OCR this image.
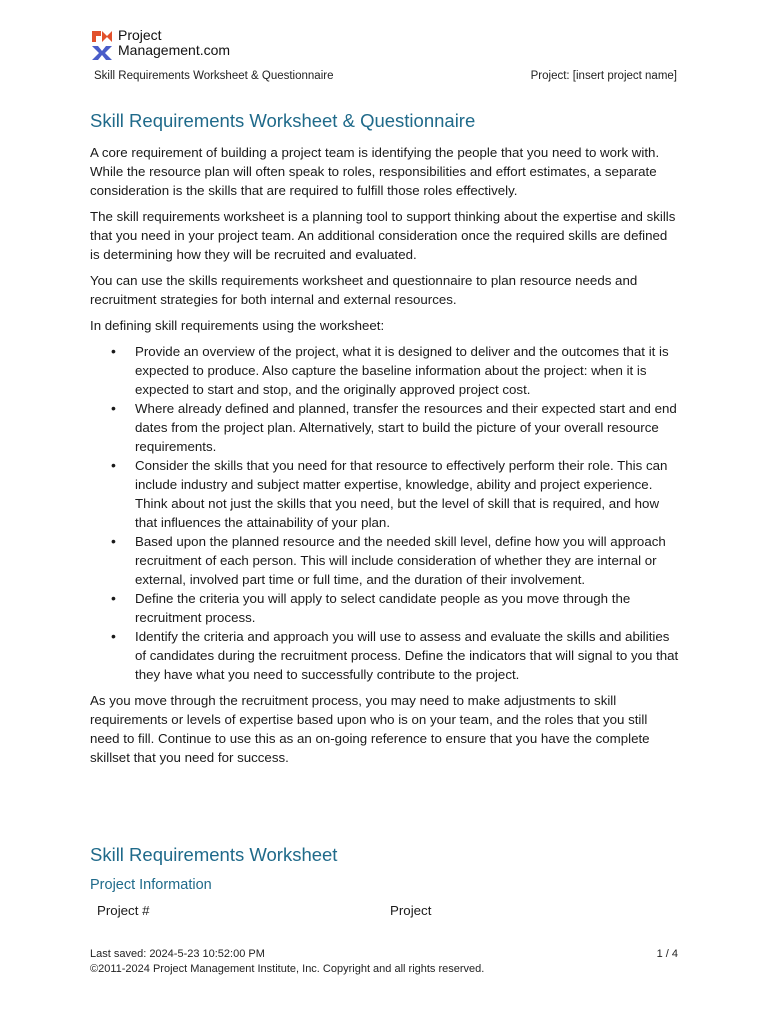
Project
Management.com
Skill Requirements Worksheet & Questionnaire	Project: [insert project name]
Skill Requirements Worksheet & Questionnaire

A core requirement of building a project team is identifying the people that you need to work with. While the resource plan will often speak to roles, responsibilities and effort estimates, a separate consideration is the skills that are required to fulfill those roles effectively.

The skill requirements worksheet is a planning tool to support thinking about the expertise and skills that you need in your project team. An additional consideration once the required skills are defined is determining how they will be recruited and evaluated.

You can use the skills requirements worksheet and questionnaire to plan resource needs and recruitment strategies for both internal and external resources.

In defining skill requirements using the worksheet:

• Provide an overview of the project, what it is designed to deliver and the outcomes that it is expected to produce. Also capture the baseline information about the project: when it is expected to start and stop, and the originally approved project cost.
• Where already defined and planned, transfer the resources and their expected start and end dates from the project plan. Alternatively, start to build the picture of your overall resource requirements.
• Consider the skills that you need for that resource to effectively perform their role. This can include industry and subject matter expertise, knowledge, ability and project experience. Think about not just the skills that you need, but the level of skill that is required, and how that influences the attainability of your plan.
• Based upon the planned resource and the needed skill level, define how you will approach recruitment of each person. This will include consideration of whether they are internal or external, involved part time or full time, and the duration of their involvement.
• Define the criteria you will apply to select candidate people as you move through the recruitment process.
• Identify the criteria and approach you will use to assess and evaluate the skills and abilities of candidates during the recruitment process. Define the indicators that will signal to you that they have what you need to successfully contribute to the project.

As you move through the recruitment process, you may need to make adjustments to skill requirements or levels of expertise based upon who is on your team, and the roles that you still need to fill. Continue to use this as an on-going reference to ensure that you have the complete skillset that you need for success.

Skill Requirements Worksheet
Project Information
Project #	Project
Last saved: 2024-5-23 10:52:00 PM
©2011-2024 Project Management Institute, Inc. Copyright and all rights reserved.
1 / 4
